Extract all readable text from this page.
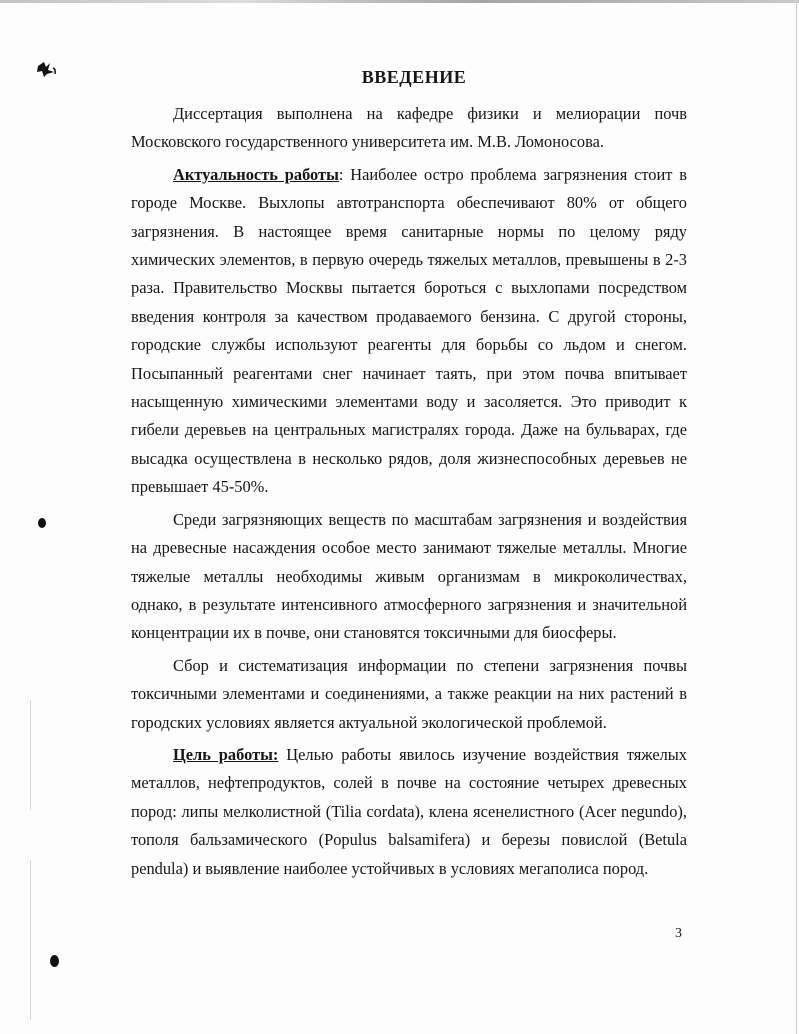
ВВЕДЕНИЕ

Диссертация выполнена на кафедре физики и мелиорации почв Московского государственного университета им. М.В. Ломоносова.

Актуальность работы: Наиболее остро проблема загрязнения стоит в городе Москве. Выхлопы автотранспорта обеспечивают 80% от общего загрязнения. В настоящее время санитарные нормы по целому ряду химических элементов, в первую очередь тяжелых металлов, превышены в 2-3 раза. Правительство Москвы пытается бороться с выхлопами посредством введения контроля за качеством продаваемого бензина. С другой стороны, городские службы используют реагенты для борьбы со льдом и снегом. Посыпанный реагентами снег начинает таять, при этом почва впитывает насыщенную химическими элементами воду и засоляется. Это приводит к гибели деревьев на центральных магистралях города. Даже на бульварах, где высадка осуществлена в несколько рядов, доля жизнеспособных деревьев не превышает 45-50%.

Среди загрязняющих веществ по масштабам загрязнения и воздействия на древесные насаждения особое место занимают тяжелые металлы. Многие тяжелые металлы необходимы живым организмам в микроколичествах, однако, в результате интенсивного атмосферного загрязнения и значительной концентрации их в почве, они становятся токсичными для биосферы.

Сбор и систематизация информации по степени загрязнения почвы токсичными элементами и соединениями, а также реакции на них растений в городских условиях является актуальной экологической проблемой.

Цель работы: Целью работы явилось изучение воздействия тяжелых металлов, нефтепродуктов, солей в почве на состояние четырех древесных пород: липы мелколистной (Tilia cordata), клена ясенелистного (Acer negundo), тополя бальзамического (Populus balsamifera) и березы повислой (Betula pendula) и выявление наиболее устойчивых в условиях мегаполиса пород.

3
